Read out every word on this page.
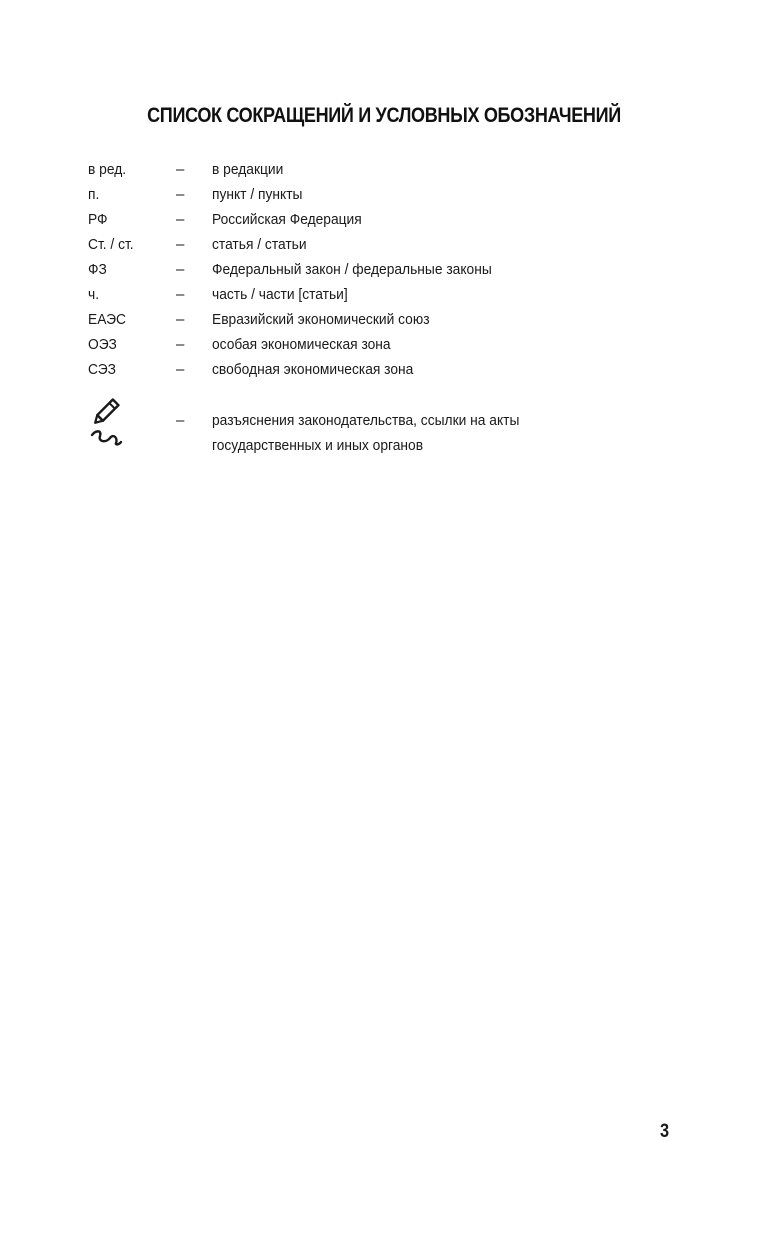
СПИСОК СОКРАЩЕНИЙ И УСЛОВНЫХ ОБОЗНАЧЕНИЙ
в ред.	– в редакции
п.	– пункт / пункты
РФ	– Российская Федерация
Ст. / ст.	– статья / статьи
ФЗ	– Федеральный закон / федеральные законы
ч.	– часть / части [статьи]
ЕАЭС	– Евразийский экономический союз
ОЭЗ	– особая экономическая зона
СЭЗ	– свободная экономическая зона
– разъяснения законодательства, ссылки на акты
государственных и иных органов
3
